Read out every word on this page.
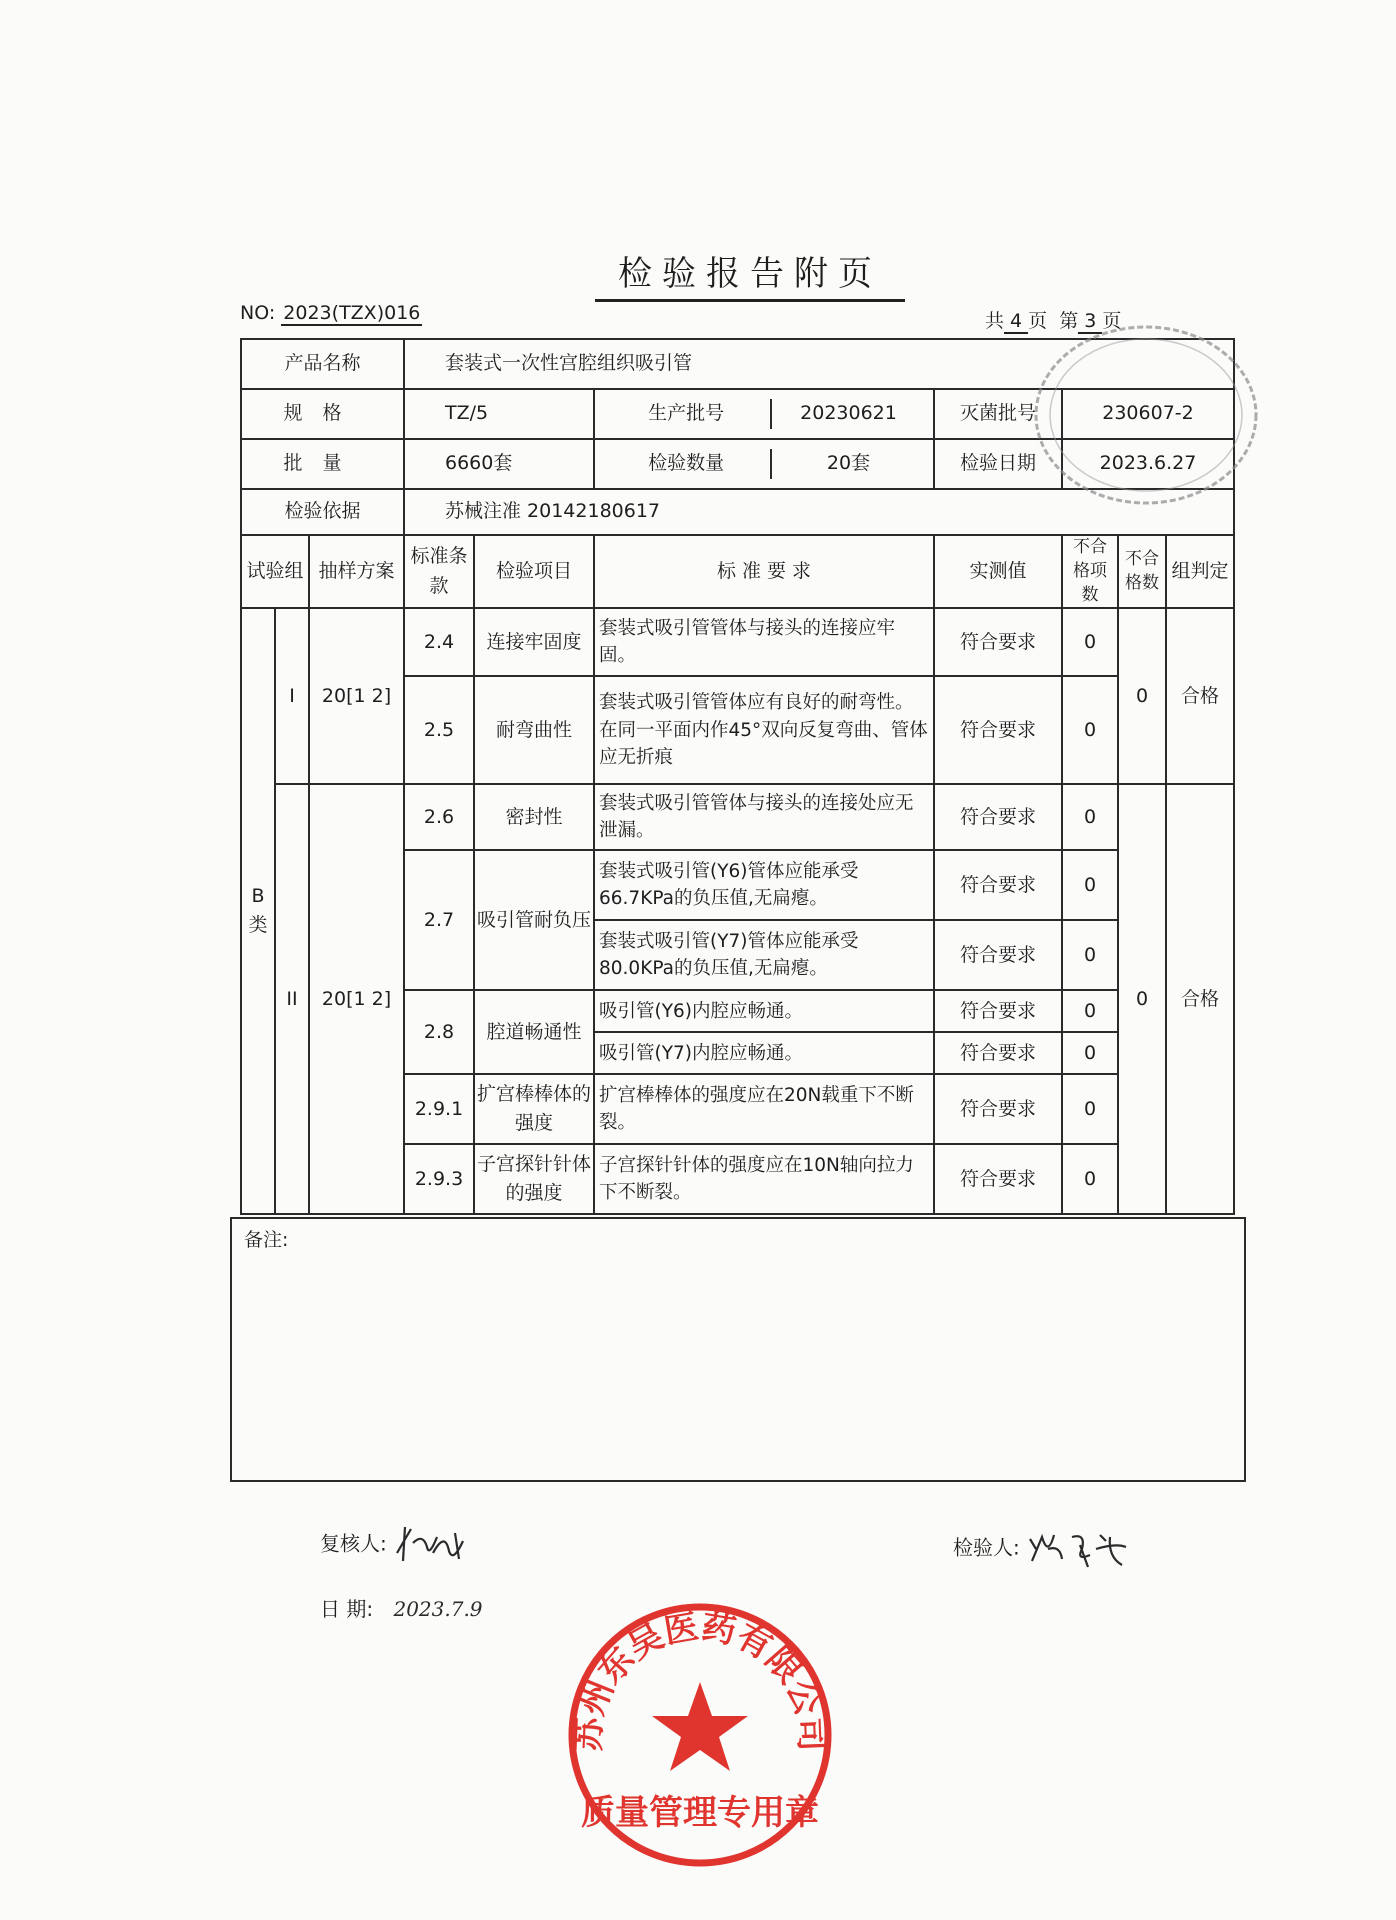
检验报告附页
NO: 2023(TZX)016	共 4 页 第 3 页
产品名称			套装式一次性宫腔组织吸引管						
规格			TZ/5		生产批号 20230621	灭菌批号	230607-2		
批量			6660套		检验数量 20套	检验日期	2023.6.27		
检验依据			苏械注准 20142180617						
试验组		抽样方案	标准条款	检验项目	标 准 要 求	实测值	不合格项 数	不合格数	组判定
B类	I	20[1 2]	2.4	连接牢固度	套装式吸引管管体与接头的连接应牢固。	符合要求	0	0	合格
			2.5	耐弯曲性	套装式吸引管管体应有良好的耐弯性。在同一平面内作45°双向反复弯曲、管体应无折痕	符合要求	0		
	II	20[1 2]	2.6	密封性	套装式吸引管管体与接头的连接处应无泄漏。	符合要求	0	0	合格
			2.7	吸引管耐负压	套装式吸引管(Y6)管体应能承受66.7KPa的负压值,无扁瘪。	符合要求	0		
					套装式吸引管(Y7)管体应能承受80.0KPa的负压值,无扁瘪。	符合要求	0		
			2.8	腔道畅通性	吸引管(Y6)内腔应畅通。	符合要求	0		
					吸引管(Y7)内腔应畅通。	符合要求	0		
			2.9.1	扩宫棒棒体的强度	扩宫棒棒体的强度应在20N载重下不断裂。	符合要求	0		
			2.9.3	子宫探针针体的强度	子宫探针针体的强度应在10N轴向拉力下不断裂。	符合要求	0		
备注:
复核人:	检验人:
日 期: 2023.7.9
苏州东吴医药有限公司
质量管理专用章
